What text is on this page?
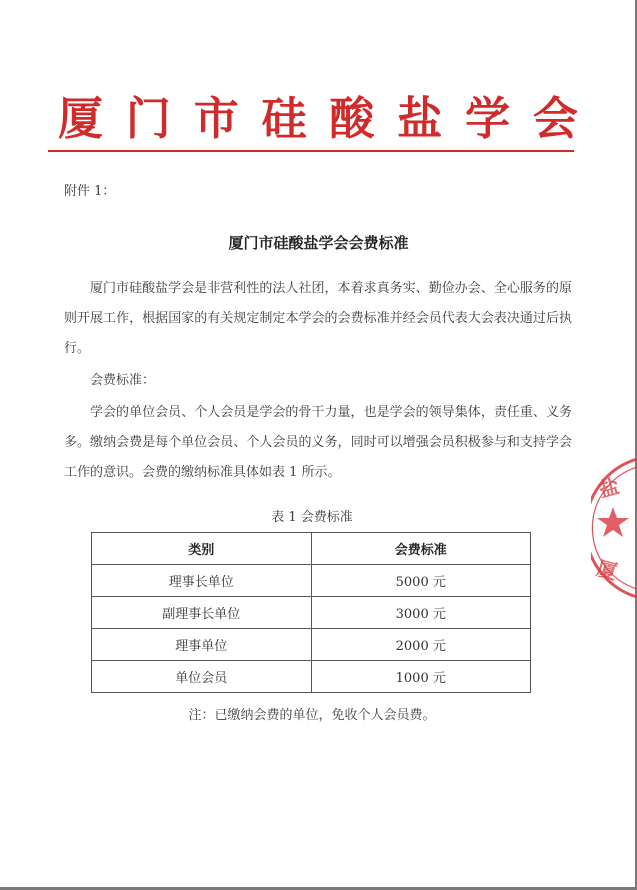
厦 门 市 硅 酸 盐 学 会
附件 1：
厦门市硅酸盐学会会费标准

厦门市硅酸盐学会是非营利性的法人社团，本着求真务实、勤俭办会、全心服务的原则开展工作，根据国家的有关规定制定本学会的会费标准并经会员代表大会表决通过后执行。

会费标准：

学会的单位会员、个人会员是学会的骨干力量，也是学会的领导集体，责任重、义务多。缴纳会费是每个单位会员、个人会员的义务，同时可以增强会员积极参与和支持学会工作的意识。会费的缴纳标准具体如表 1 所示。

表 1 会费标准
类别	会费标准
理事长单位	5000 元
副理事长单位	3000 元
理事单位	2000 元
单位会员	1000 元
注：已缴纳会费的单位，免收个人会员费。
盐
厦
